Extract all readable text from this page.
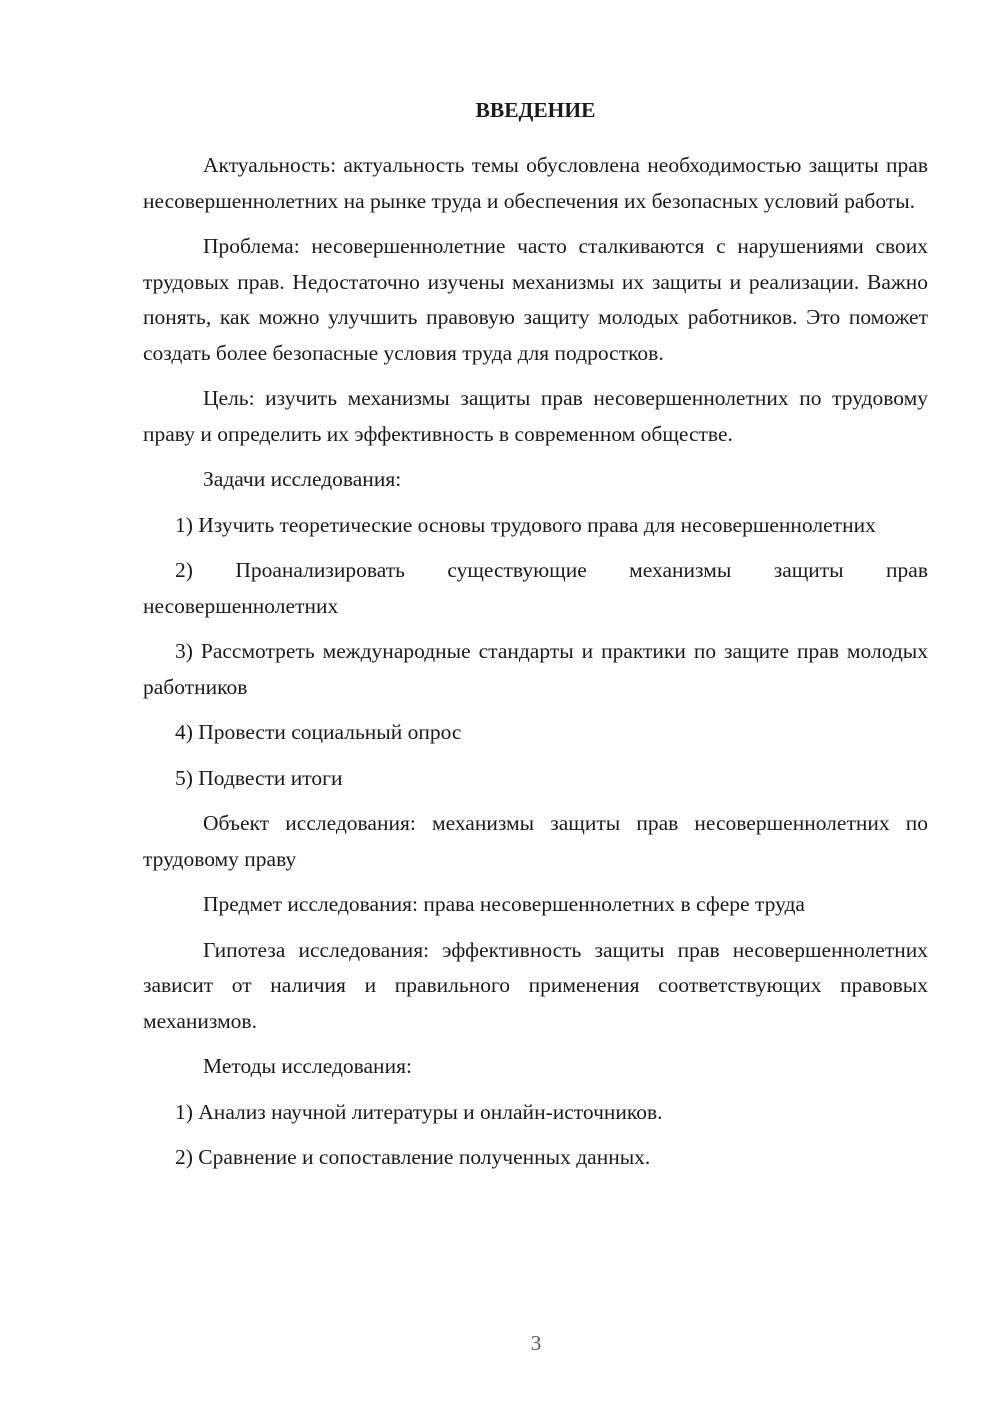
ВВЕДЕНИЕ

Актуальность: актуальность темы обусловлена необходимостью защиты прав несовершеннолетних на рынке труда и обеспечения их безопасных условий работы.

Проблема: несовершеннолетние часто сталкиваются с нарушениями своих трудовых прав. Недостаточно изучены механизмы их защиты и реализации. Важно понять, как можно улучшить правовую защиту молодых работников. Это поможет создать более безопасные условия труда для подростков.

Цель: изучить механизмы защиты прав несовершеннолетних по трудовому праву и определить их эффективность в современном обществе.

Задачи исследования:

1) Изучить теоретические основы трудового права для несовершеннолетних

2) Проанализировать существующие механизмы защиты прав несовершеннолетних

3) Рассмотреть международные стандарты и практики по защите прав молодых работников

4) Провести социальный опрос

5) Подвести итоги

Объект исследования: механизмы защиты прав несовершеннолетних по трудовому праву

Предмет исследования: права несовершеннолетних в сфере труда

Гипотеза исследования: эффективность защиты прав несовершеннолетних зависит от наличия и правильного применения соответствующих правовых механизмов.

Методы исследования:

1) Анализ научной литературы и онлайн-источников.

2) Сравнение и сопоставление полученных данных.

3
